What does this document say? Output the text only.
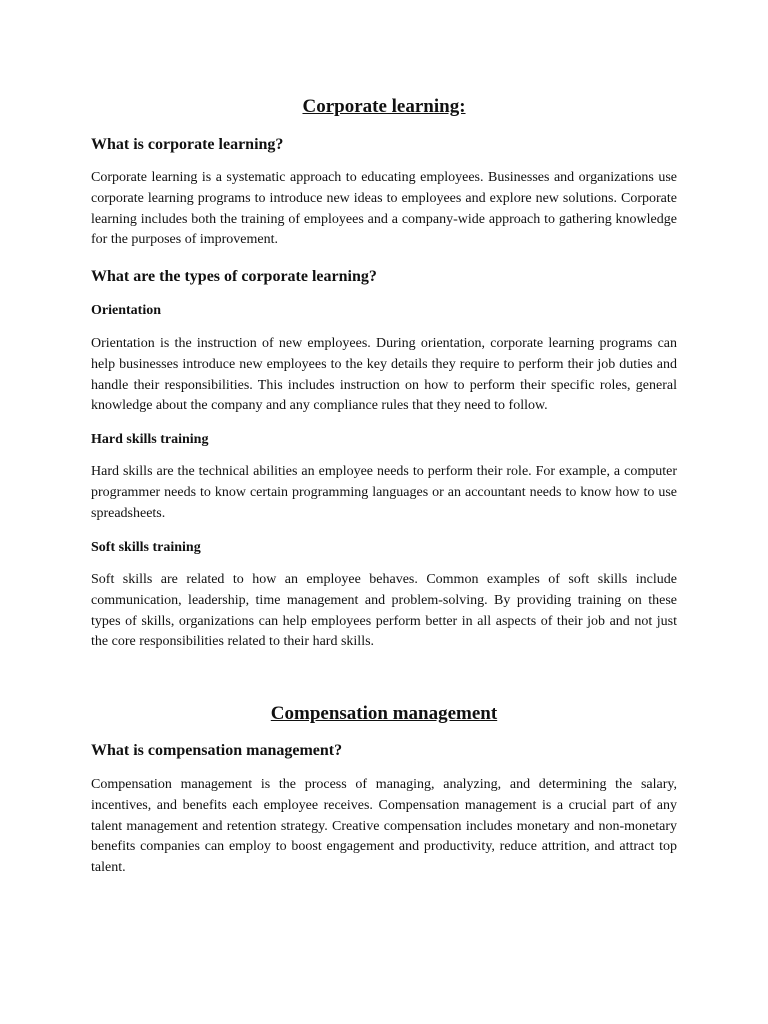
Corporate learning:
What is corporate learning?

Corporate learning is a systematic approach to educating employees. Businesses and organizations use corporate learning programs to introduce new ideas to employees and explore new solutions. Corporate learning includes both the training of employees and a company-wide approach to gathering knowledge for the purposes of improvement.

What are the types of corporate learning?
Orientation

Orientation is the instruction of new employees. During orientation, corporate learning programs can help businesses introduce new employees to the key details they require to perform their job duties and handle their responsibilities. This includes instruction on how to perform their specific roles, general knowledge about the company and any compliance rules that they need to follow.

Hard skills training

Hard skills are the technical abilities an employee needs to perform their role. For example, a computer programmer needs to know certain programming languages or an accountant needs to know how to use spreadsheets.

Soft skills training

Soft skills are related to how an employee behaves. Common examples of soft skills include communication, leadership, time management and problem-solving. By providing training on these types of skills, organizations can help employees perform better in all aspects of their job and not just the core responsibilities related to their hard skills.

Compensation management
What is compensation management?

Compensation management is the process of managing, analyzing, and determining the salary, incentives, and benefits each employee receives. Compensation management is a crucial part of any talent management and retention strategy. Creative compensation includes monetary and non-monetary benefits companies can employ to boost engagement and productivity, reduce attrition, and attract top talent.
